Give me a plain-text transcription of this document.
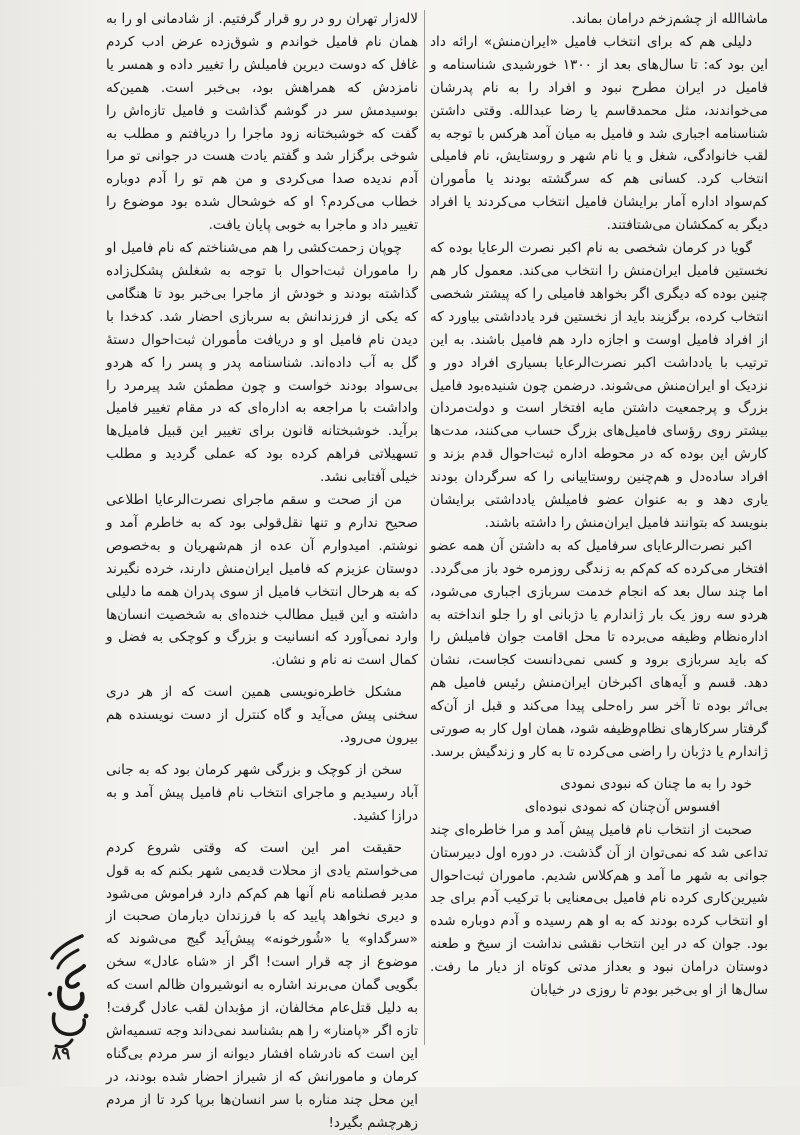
ماشاالله از چشم‌زخم درامان بماند.

دلیلی هم که برای انتخاب فامیل «ایران‌منش» ارائه داد این بود که: تا سال‌های بعد از ۱۳۰۰ خورشیدی شناسنامه و فامیل در ایران مطرح نبود و افراد را به نام پدرشان می‌خواندند، مثل محمدقاسم یا رضا عبدالله. وقتی داشتن شناسنامه اجباری شد و فامیل به میان آمد هرکس با توجه به لقب خانوادگی، شغل و یا نام شهر و روستایش، نام فامیلی انتخاب کرد. کسانی هم که سرگشته بودند یا مأموران کم‌سواد اداره آمار برایشان فامیل انتخاب می‌کردند یا افراد دیگر به کمکشان می‌شتافتند.

گویا در کرمان شخصی به نام اکبر نصرت الرعایا بوده که نخستین فامیل ایران‌منش را انتخاب می‌کند. معمول کار هم چنین بوده که دیگری اگر بخواهد فامیلی را که پیشتر شخصی انتخاب کرده، برگزیند باید از نخستین فرد یادداشتی بیاورد که از افراد فامیل اوست و اجازه دارد هم فامیل باشند. به این ترتیب با یادداشت اکبر نصرت‌الرعایا بسیاری افراد دور و نزدیک او ایران‌منش می‌شوند. درضمن چون شنیده‌بود فامیل بزرگ و پرجمعیت داشتن مایه افتخار است و دولت‌مردان بیشتر روی رؤسای فامیل‌های بزرگ حساب می‌کنند، مدت‌ها کارش این بوده که در محوطه اداره ثبت‌احوال قدم بزند و افراد ساده‌دل و هم‌چنین روستاییانی را که سرگردان بودند یاری دهد و به عنوان عضو فامیلش یادداشتی برایشان بنویسد که بتوانند فامیل ایران‌منش را داشته باشند.

اکبر نصرت‌الرعایای سرفامیل که به داشتن آن همه عضو افتخار می‌کرده که کم‌کم به زندگی روزمره خود باز می‌گردد. اما چند سال بعد که انجام خدمت سربازی اجباری می‌شود، هردو سه روز یک بار ژاندارم یا دژبانی او را جلو انداخته به اداره‌نظام وظیفه می‌برده تا محل اقامت جوان فامیلش را که باید سربازی برود و کسی نمی‌دانست کجاست، نشان دهد. قسم و آیه‌های اکبرخان ایران‌منش رئیس فامیل هم بی‌اثر بوده تا آخر سر راه‌حلی پیدا می‌کند و قبل از آن‌که گرفتار سرکارهای نظام‌وظیفه شود، همان اول کار به صورتی ژاندارم یا دژبان را راضی می‌کرده تا به کار و زندگیش برسد.

خود را به ما چنان که نبودی نمودی

افسوس آن‌چنان که نمودی نبوده‌ای

صحبت از انتخاب نام فامیل پیش آمد و مرا خاطره‌ای چند تداعی شد که نمی‌توان از آن گذشت. در دوره اول دبیرستان جوانی به شهر ما آمد و هم‌کلاس شدیم. ماموران ثبت‌احوال شیرین‌کاری کرده نام فامیل بی‌معنایی با ترکیب آدم برای جد او انتخاب کرده بودند که به او هم رسیده و آدم دوباره شده بود. جوان که در این انتخاب نقشی نداشت از سیخ و طعنه دوستان درامان نبود و بعداز مدتی کوتاه از دیار ما رفت. سال‌ها از او بی‌خبر بودم تا روزی در خیابان

لاله‌زار تهران رو در رو قرار گرفتیم. از شادمانی او را به همان نام فامیل خواندم و شوق‌زده عرض ادب کردم غافل که دوست دیرین فامیلش را تغییر داده و همسر یا نامزدش که همراهش بود، بی‌خبر است. همین‌که بوسیدمش سر در گوشم گذاشت و فامیل تازه‌اش را گفت که خوشبختانه زود ماجرا را دریافتم و مطلب به شوخی برگزار شد و گفتم یادت هست در جوانی تو مرا آدم ندیده صدا می‌کردی و من هم تو را آدم دوباره خطاب می‌کردم؟ او که خوشحال شده بود موضوع را تغییر داد و ماجرا به خوبی پایان یافت.

چوپان زحمت‌کشی را هم می‌شناختم که نام فامیل او را ماموران ثبت‌احوال با توجه به شغلش پشکل‌زاده گذاشته بودند و خودش از ماجرا بی‌خبر بود تا هنگامی که یکی از فرزندانش به سربازی احضار شد. کدخدا با دیدن نام فامیل او و دریافت مأموران ثبت‌احوال دستهٔ گل به آب داده‌اند. شناسنامه پدر و پسر را که هردو بی‌سواد بودند خواست و چون مطمئن شد پیرمرد را واداشت با مراجعه به اداره‌ای که در مقام تغییر فامیل برآید. خوشبختانه قانون برای تغییر این قبیل فامیل‌ها تسهیلاتی فراهم کرده بود که عملی گردید و مطلب خیلی آفتابی نشد.

من از صحت و سقم ماجرای نصرت‌الرعایا اطلاعی صحیح ندارم و تنها نقل‌قولی بود که به خاطرم آمد و نوشتم. امیدوارم آن عده از هم‌شهریان و به‌خصوص دوستان عزیزم که فامیل ایران‌منش دارند، خرده نگیرند که به هرحال انتخاب فامیل از سوی پدران همه ما دلیلی داشته و این قبیل مطالب خنده‌ای به شخصیت انسان‌ها وارد نمی‌آورد که انسانیت و بزرگ و کوچکی به فضل و کمال است نه نام و نشان.

مشکل خاطره‌نویسی همین است که از هر دری سخنی پیش می‌آید و گاه کنترل از دست نویسنده هم بیرون می‌رود.

سخن از کوچک و بزرگی شهر کرمان بود که به جانی آباد رسیدیم و ماجرای انتخاب نام فامیل پیش آمد و به درازا کشید.

حقیقت امر این است که وقتی شروع کردم می‌خواستم یادی از محلات قدیمی شهر بکنم که به قول مدیر فصلنامه نام آنها هم کم‌کم دارد فراموش می‌شود و دیری نخواهد پایید که با فرزندان دیارمان صحبت از «سرگداو» یا «شُورخونه» پیش‌آید گیج می‌شوند که موضوع از چه قرار است! اگر از «شاه عادل» سخن بگویی گمان می‌برند اشاره به انوشیروان ظالم است که به دلیل قتل‌عام مخالفان، از مؤبدان لقب عادل گرفت! تازه اگر «پامنار» را هم بشناسد نمی‌داند وجه تسمیه‌اش این است که نادرشاه افشار دیوانه از سر مردم بی‌گناه کرمان و مامورانش که از شیراز احضار شده بودند، در این محل چند مناره با سر انسان‌ها برپا کرد تا از مردم زهرچشم بگیرد!

۸۹
